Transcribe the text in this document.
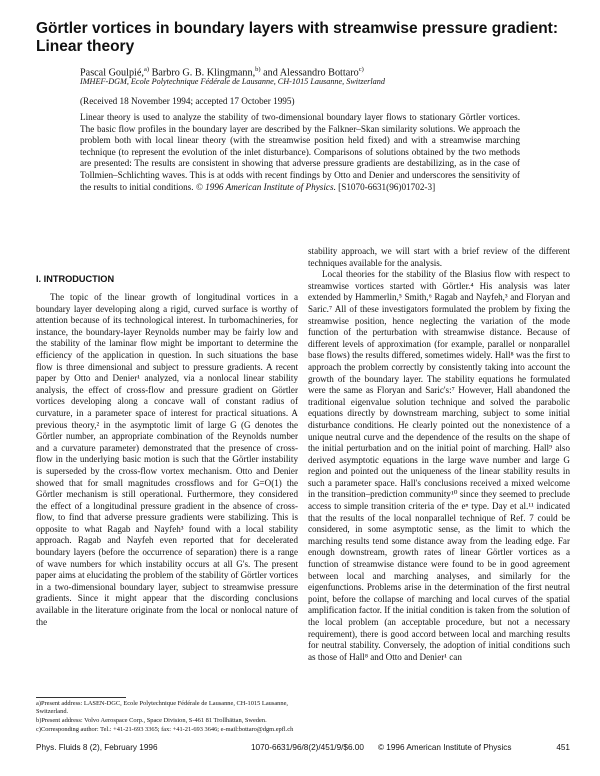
Görtler vortices in boundary layers with streamwise pressure gradient: Linear theory
Pascal Goulpié,$^{a)}$ Barbro G. B. Klingmann,$^{b)}$ and Alessandro Bottaro$^{c)}$
IMHEF-DGM, Ecole Polytechnique Fédérale de Lausanne, CH-1015 Lausanne, Switzerland
(Received 18 November 1994; accepted 17 October 1995)
Linear theory is used to analyze the stability of two-dimensional boundary layer flows to stationary Görtler vortices. The basic flow profiles in the boundary layer are described by the Falkner–Skan similarity solutions. We approach the problem both with local linear theory (with the streamwise position held fixed) and with a streamwise marching technique (to represent the evolution of the inlet disturbance). Comparisons of solutions obtained by the two methods are presented: The results are consistent in showing that adverse pressure gradients are destabilizing, as in the case of Tollmien–Schlichting waves. This is at odds with recent findings by Otto and Denier and underscores the sensitivity of the results to initial conditions. © 1996 American Institute of Physics. [S1070-6631(96)01702-3]
I. INTRODUCTION

The topic of the linear growth of longitudinal vortices in a boundary layer developing along a rigid, curved surface is worthy of attention because of its technological interest. In turbomachineries, for instance, the boundary-layer Reynolds number may be fairly low and the stability of the laminar flow might be important to determine the efficiency of the application in question. In such situations the base flow is three dimensional and subject to pressure gradients. A recent paper by Otto and Denier¹ analyzed, via a nonlocal linear stability analysis, the effect of cross-flow and pressure gradient on Görtler vortices developing along a concave wall of constant radius of curvature, in a parameter space of interest for practical situations. A previous theory,² in the asymptotic limit of large G (G denotes the Görtler number, an appropriate combination of the Reynolds number and a curvature parameter) demonstrated that the presence of cross-flow in the underlying basic motion is such that the Görtler instability is superseded by the cross-flow vortex mechanism. Otto and Denier showed that for small magnitudes crossflows and for G=O(1) the Görtler mechanism is still operational. Furthermore, they considered the effect of a longitudinal pressure gradient in the absence of cross-flow, to find that adverse pressure gradients were stabilizing. This is opposite to what Ragab and Nayfeh³ found with a local stability approach. Ragab and Nayfeh even reported that for decelerated boundary layers (before the occurrence of separation) there is a range of wave numbers for which instability occurs at all G's. The present paper aims at elucidating the problem of the stability of Görtler vortices in a two-dimensional boundary layer, subject to streamwise pressure gradients. Since it might appear that the discording conclusions available in the literature originate from the local or nonlocal nature of the

stability approach, we will start with a brief review of the different techniques available for the analysis.

Local theories for the stability of the Blasius flow with respect to streamwise vortices started with Görtler.⁴ His analysis was later extended by Hammerlin,⁵ Smith,⁶ Ragab and Nayfeh,³ and Floryan and Saric.⁷ All of these investigators formulated the problem by fixing the streamwise position, hence neglecting the variation of the mode function of the perturbation with streamwise distance. Because of different levels of approximation (for example, parallel or nonparallel base flows) the results differed, sometimes widely. Hall⁸ was the first to approach the problem correctly by consistently taking into account the growth of the boundary layer. The stability equations he formulated were the same as Floryan and Saric's:⁷ However, Hall abandoned the traditional eigenvalue solution technique and solved the parabolic equations directly by downstream marching, subject to some initial disturbance conditions. He clearly pointed out the nonexistence of a unique neutral curve and the dependence of the results on the shape of the initial perturbation and on the initial point of marching. Hall⁹ also derived asymptotic equations in the large wave number and large G region and pointed out the uniqueness of the linear stability results in such a parameter space. Hall's conclusions received a mixed welcome in the transition–prediction community¹⁰ since they seemed to preclude access to simple transition criteria of the eⁿ type. Day et al.¹¹ indicated that the results of the local nonparallel technique of Ref. 7 could be considered, in some asymptotic sense, as the limit to which the marching results tend some distance away from the leading edge. Far enough downstream, growth rates of linear Görtler vortices as a function of streamwise distance were found to be in good agreement between local and marching analyses, and similarly for the eigenfunctions. Problems arise in the determination of the first neutral point, before the collapse of marching and local curves of the spatial amplification factor. If the initial condition is taken from the solution of the local problem (an acceptable procedure, but not a necessary requirement), there is good accord between local and marching results for neutral stability. Conversely, the adoption of initial conditions such as those of Hall⁸ and Otto and Denier¹ can

a)Present address: LASEN-DGC, Ecole Polytechnique Fédérale de Lausanne, CH-1015 Lausanne, Switzerland.

b)Present address: Volvo Aerospace Corp., Space Division, S-461 81 Trollhättan, Sweden.

c)Corresponding author: Tel.: +41-21-693 3365; fax: +41-21-693 3646; e-mail:bottaro@dgm.epfl.ch

Phys. Fluids 8 (2), February 1996	1070-6631/96/8(2)/451/9/$6.00 © 1996 American Institute of Physics	451
